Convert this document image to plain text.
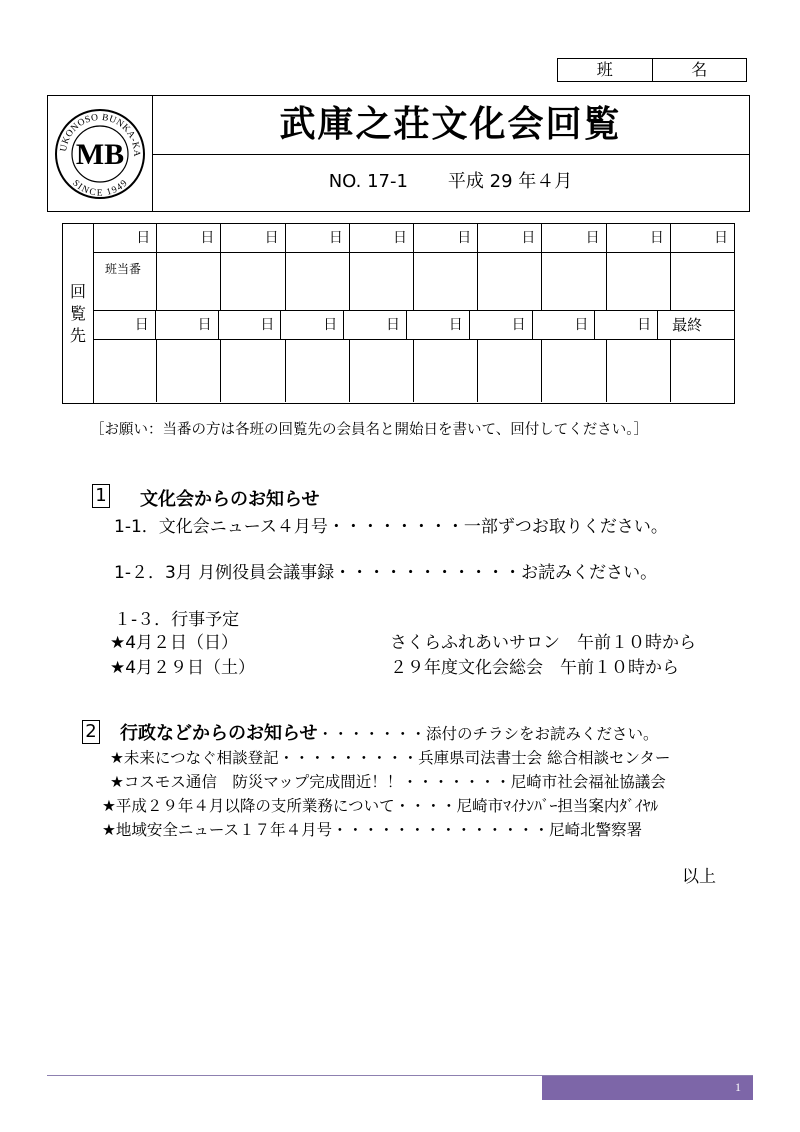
班	名
UKONOSO BUNKA-KA
SINCE 1949
MB
武庫之荘文化会回覧
NO. 17-1 平成 29 年４月
回
覧
先
日	日	日	日	日	日	日	日	日	日
班当番
日	日	日	日	日	日	日	日	日	最終
［お願い：当番の方は各班の回覧先の会員名と開始日を書いて、回付してください。］
1 文化会からのお知らせ
1-1．文化会ニュース４月号・・・・・・・・一部ずつお取りください。
1-２．3月 月例役員会議事録・・・・・・・・・・・お読みください。
１-３．行事予定
★4月２日（日）	さくらふれあいサロン　午前１０時から
★4月２９日（土）	２９年度文化会総会　午前１０時から
2 行政などからのお知らせ・・・・・・・添付のチラシをお読みください。
★未来につなぐ相談登記・・・・・・・・・兵庫県司法書士会 総合相談センター
★コスモス通信　防災マップ完成間近！！・・・・・・・尼崎市社会福祉協議会
★平成２９年４月以降の支所業務について・・・・尼崎市ﾏｲﾅﾝﾊﾞｰ担当案内ﾀﾞｲﾔﾙ
★地域安全ニュース１７年４月号・・・・・・・・・・・・・・尼崎北警察署
以上
1
